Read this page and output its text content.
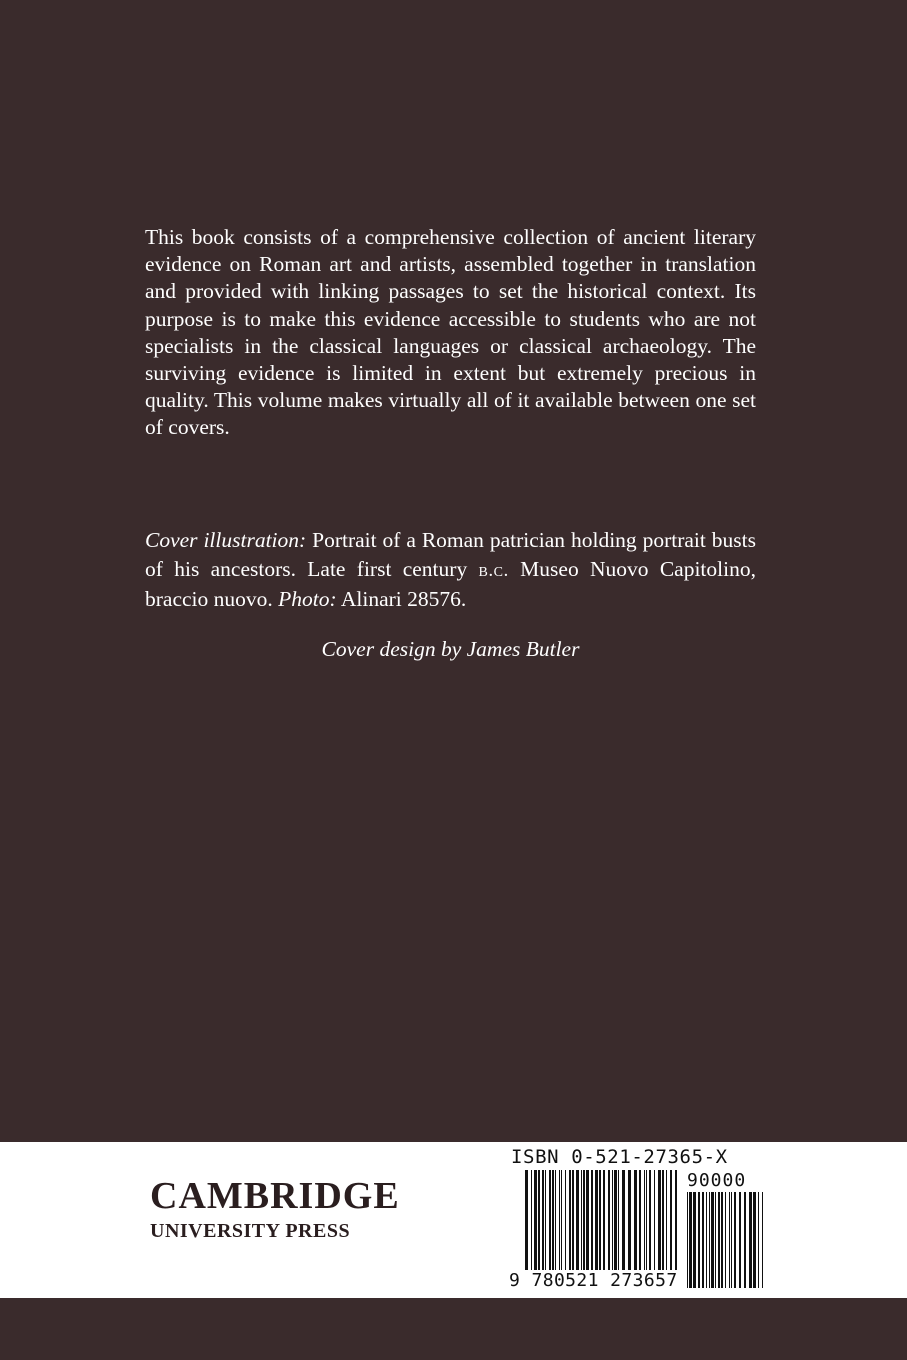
This book consists of a comprehensive collection of ancient literary evidence on Roman art and artists, assembled together in translation and provided with linking passages to set the historical context. Its purpose is to make this evidence accessible to students who are not specialists in the classical languages or classical archaeology. The surviving evidence is limited in extent but extremely precious in quality. This volume makes virtually all of it available between one set of covers.

Cover illustration: Portrait of a Roman patrician holding portrait busts of his ancestors. Late first century b.c. Museo Nuovo Capitolino, braccio nuovo. Photo: Alinari 28576.

Cover design by James Butler

CAMBRIDGE
UNIVERSITY PRESS
ISBN 0-521-27365-X
90000
9 780521 273657
